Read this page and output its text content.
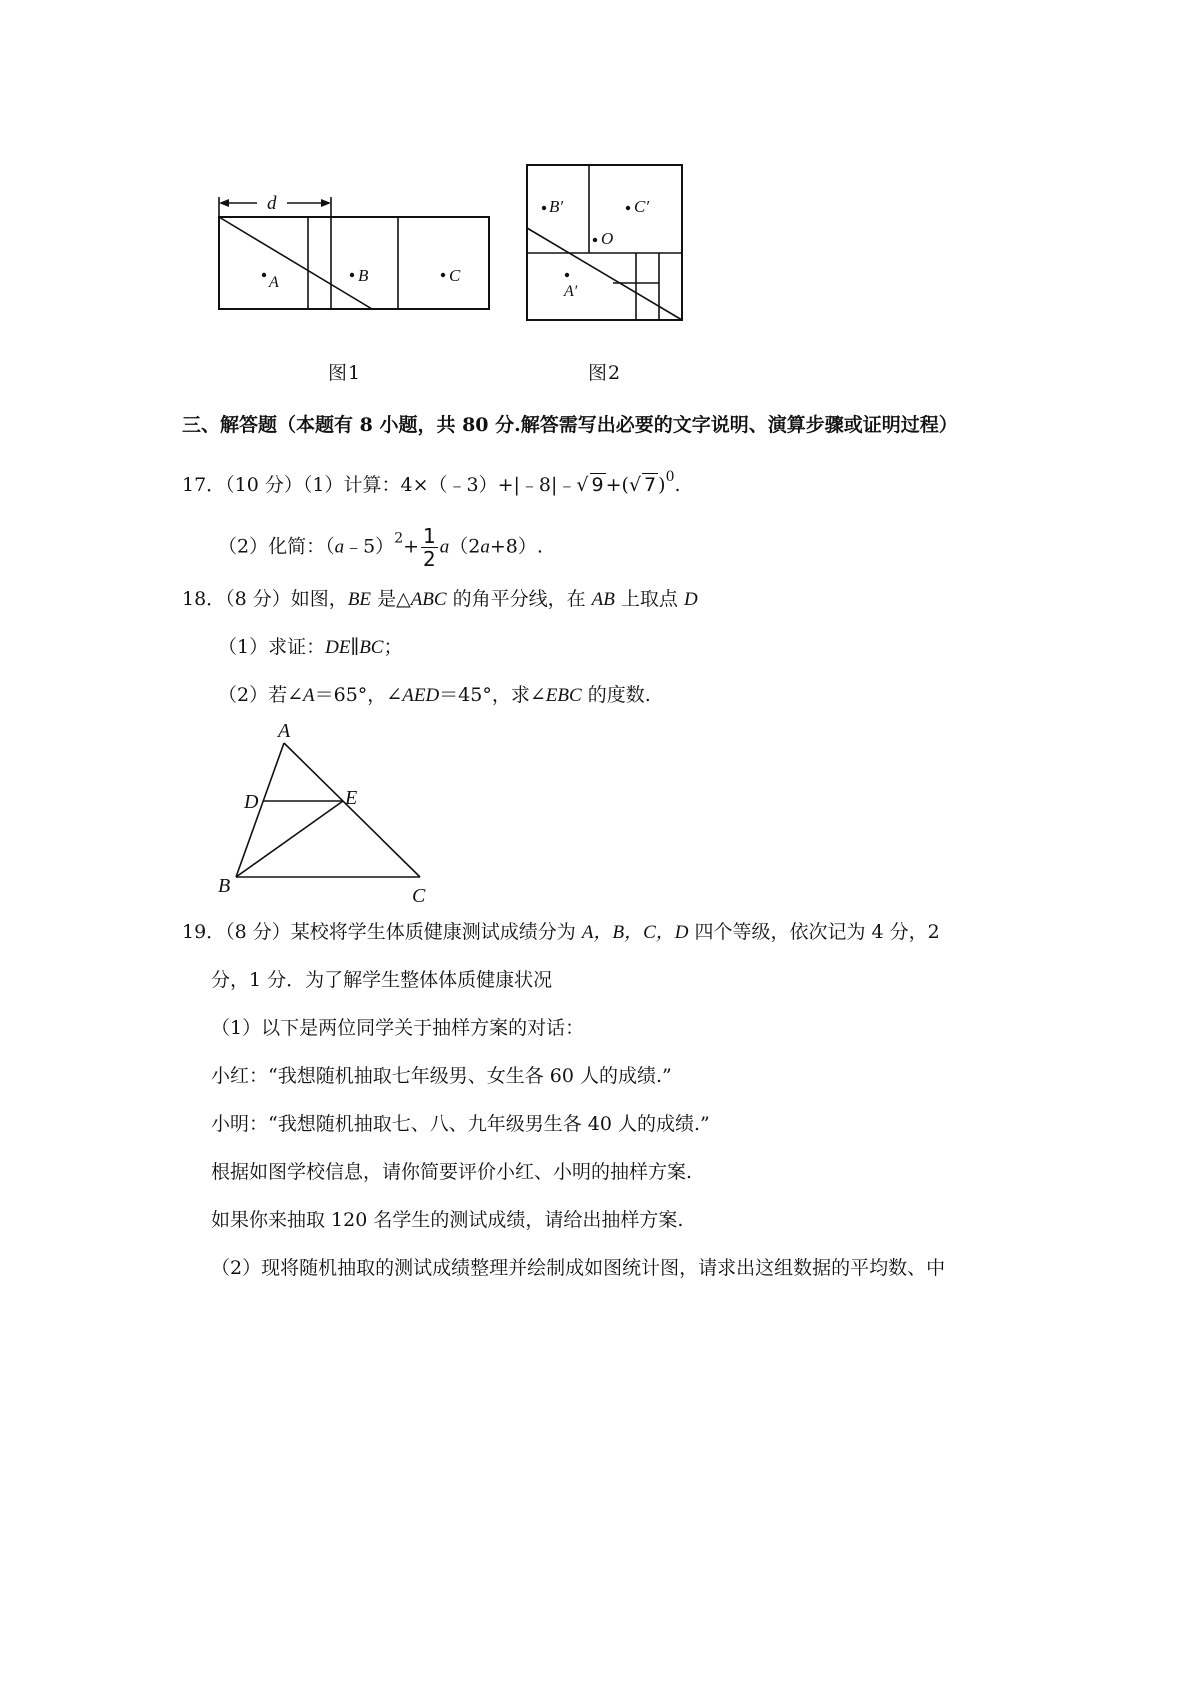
d
A	B	C
图1
B′	C′
O
A′
图2
三、解答题（本题有 8 小题，共 80 分.解答需写出必要的文字说明、演算步骤或证明过程）
17．（10 分）（1）计算：4×（﹣3）+|﹣8|﹣√ 9 +(√ 7 )$^0$.
（2）化简：（a﹣5）$^2$+ $\frac{1}{2} a(2a+8)$.
18．（8 分）如图，BE 是△ABC 的角平分线，在 AB 上取点 D
（1）求证：DE∥BC；
（2）若∠A＝65°，∠AED＝45°，求∠EBC 的度数.
A
D	E
B	C
19．（8 分）某校将学生体质健康测试成绩分为 A，B，C，D 四个等级，依次记为 4 分，2
分，1 分．为了解学生整体体质健康状况
（1）以下是两位同学关于抽样方案的对话：
小红：“我想随机抽取七年级男、女生各 60 人的成绩.”
小明：“我想随机抽取七、八、九年级男生各 40 人的成绩.”
根据如图学校信息，请你简要评价小红、小明的抽样方案.
如果你来抽取 120 名学生的测试成绩，请给出抽样方案.
（2）现将随机抽取的测试成绩整理并绘制成如图统计图，请求出这组数据的平均数、中
